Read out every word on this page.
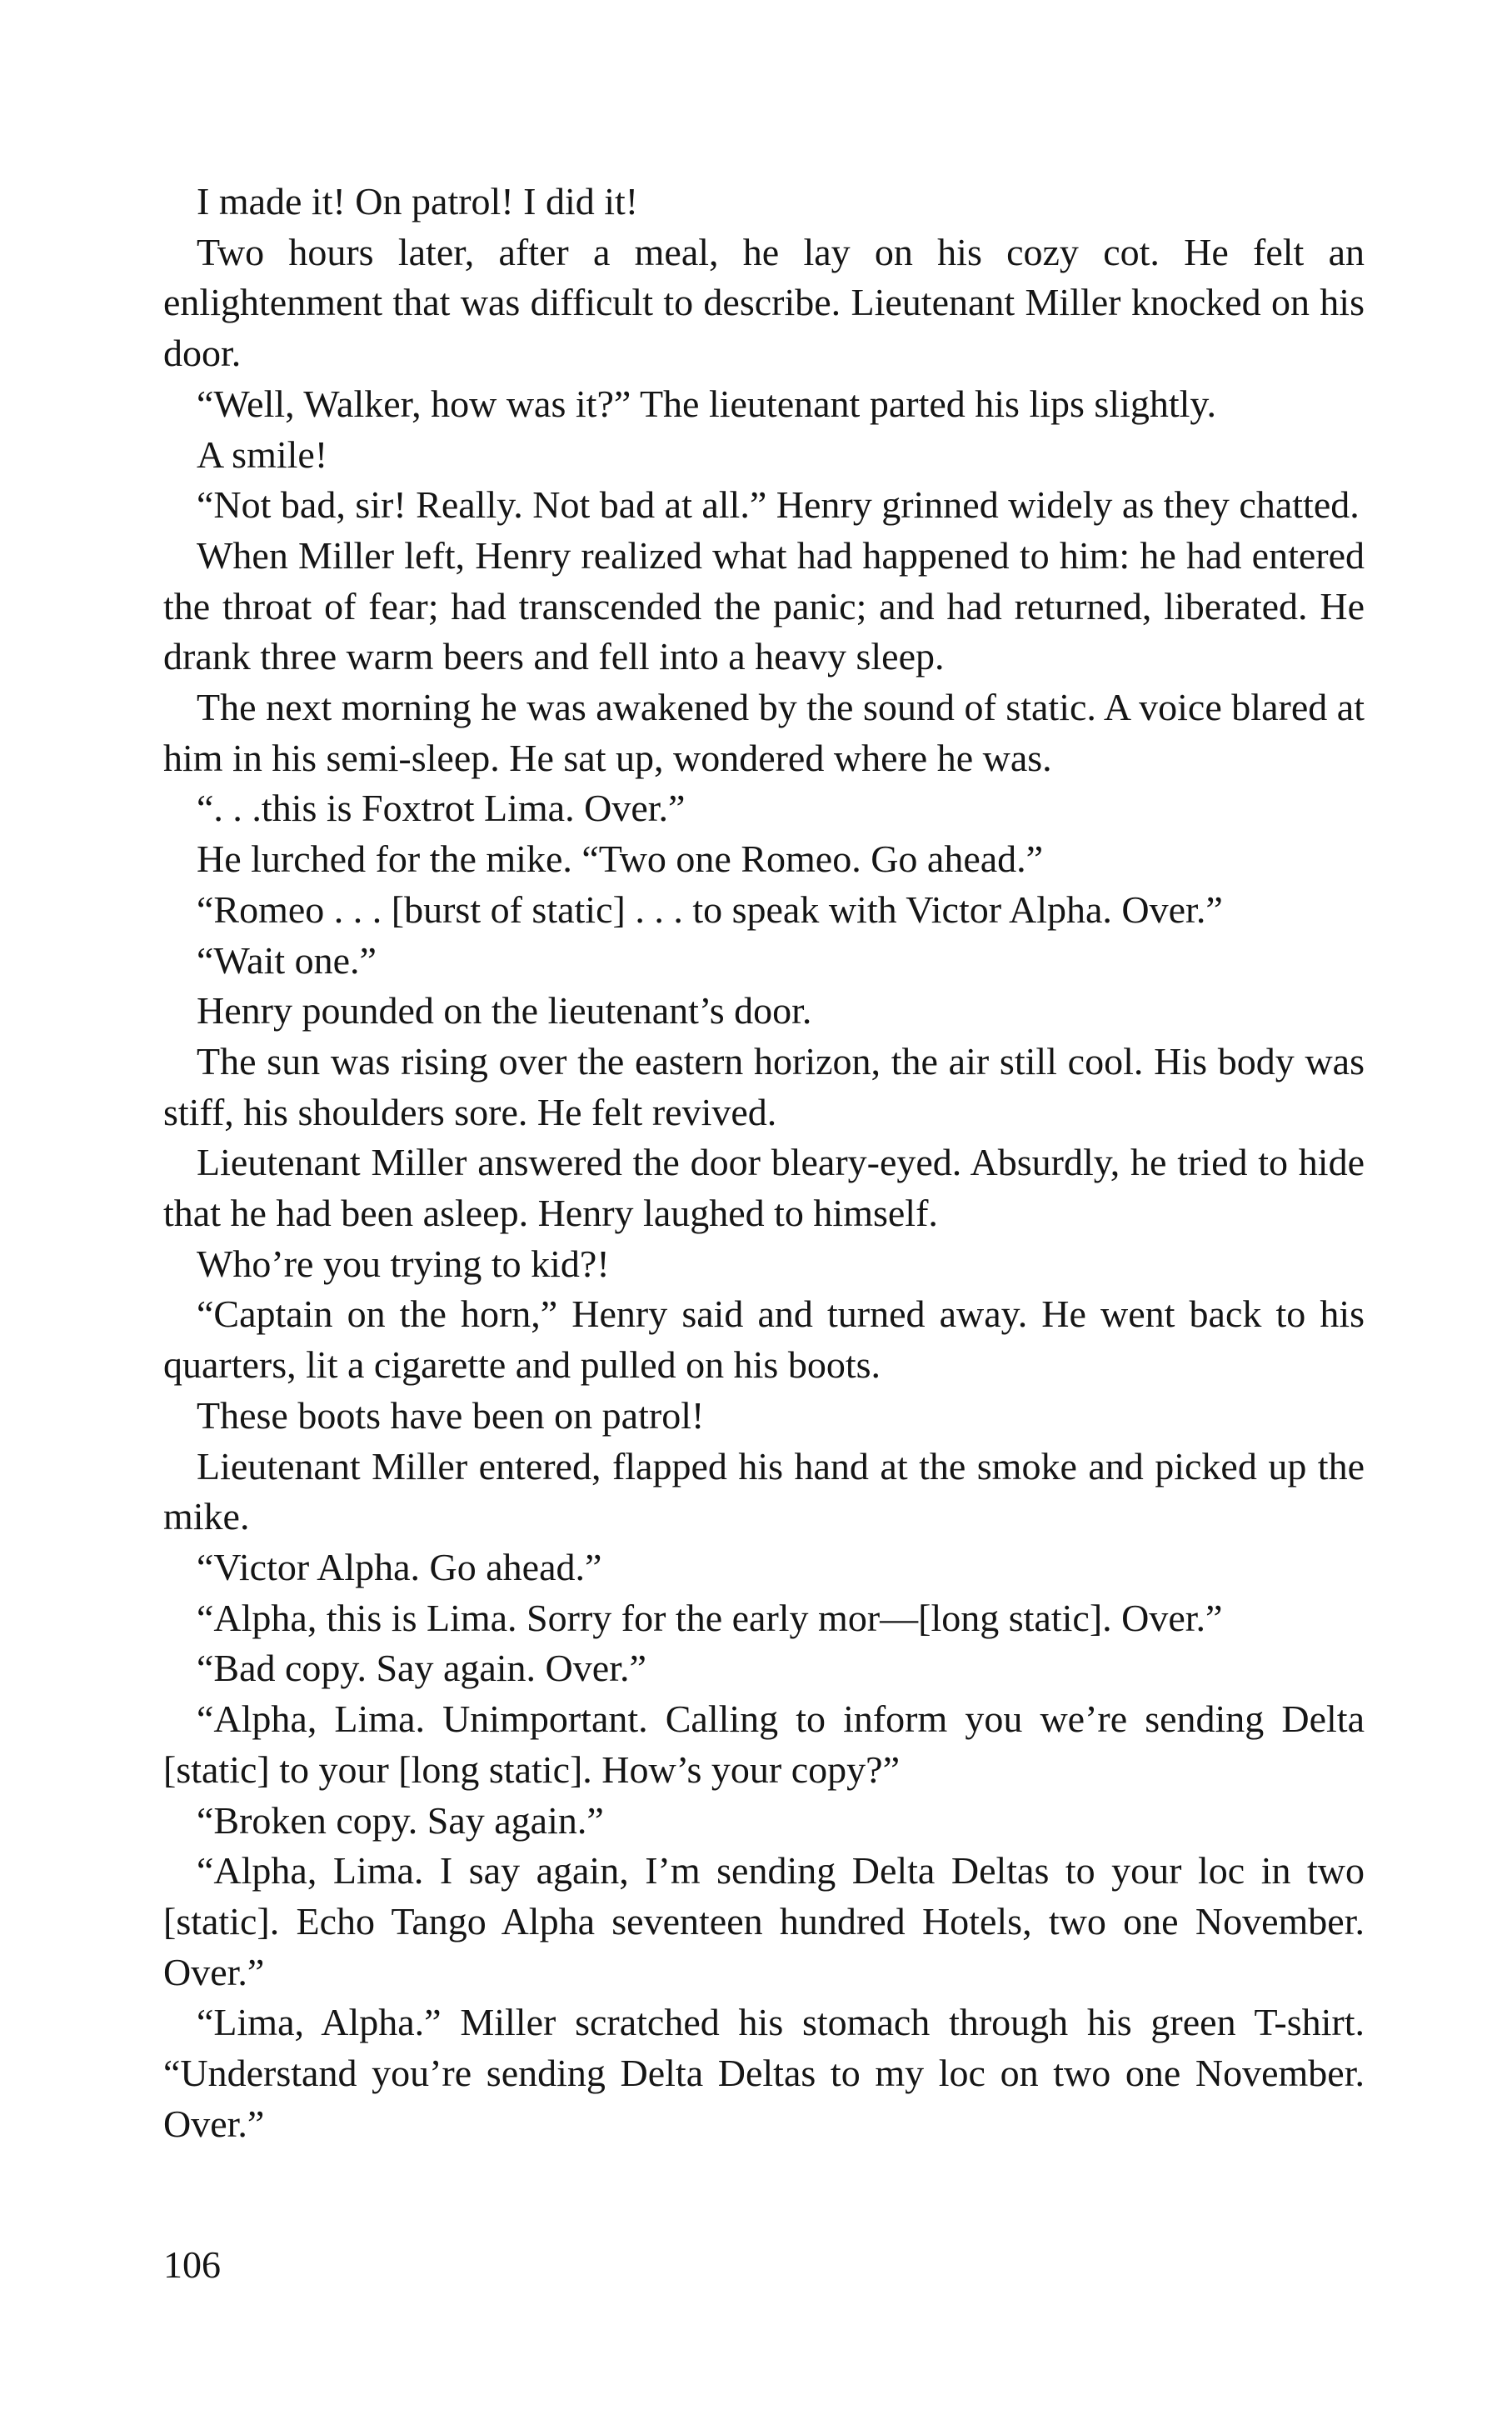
I made it! On patrol! I did it!

Two hours later, after a meal, he lay on his cozy cot. He felt an enlightenment that was difficult to describe. Lieutenant Miller knocked on his door.

“Well, Walker, how was it?” The lieutenant parted his lips slightly.

A smile!

“Not bad, sir! Really. Not bad at all.” Henry grinned widely as they chatted.

When Miller left, Henry realized what had happened to him: he had entered the throat of fear; had transcended the panic; and had returned, liberated. He drank three warm beers and fell into a heavy sleep.

The next morning he was awakened by the sound of static. A voice blared at him in his semi-sleep. He sat up, wondered where he was.

“. . .this is Foxtrot Lima. Over.”

He lurched for the mike. “Two one Romeo. Go ahead.”

“Romeo . . . [burst of static] . . . to speak with Victor Alpha. Over.”

“Wait one.”

Henry pounded on the lieutenant’s door.

The sun was rising over the eastern horizon, the air still cool. His body was stiff, his shoulders sore. He felt revived.

Lieutenant Miller answered the door bleary-eyed. Absurdly, he tried to hide that he had been asleep. Henry laughed to himself.

Who’re you trying to kid?!

“Captain on the horn,” Henry said and turned away. He went back to his quarters, lit a cigarette and pulled on his boots.

These boots have been on patrol!

Lieutenant Miller entered, flapped his hand at the smoke and picked up the mike.

“Victor Alpha. Go ahead.”

“Alpha, this is Lima. Sorry for the early mor—[long static]. Over.”

“Bad copy. Say again. Over.”

“Alpha, Lima. Unimportant. Calling to inform you we’re sending Delta [static] to your [long static]. How’s your copy?”

“Broken copy. Say again.”

“Alpha, Lima. I say again, I’m sending Delta Deltas to your loc in two [static]. Echo Tango Alpha seventeen hundred Hotels, two one November. Over.”

“Lima, Alpha.” Miller scratched his stomach through his green T-shirt. “Understand you’re sending Delta Deltas to my loc on two one November. Over.”

106
